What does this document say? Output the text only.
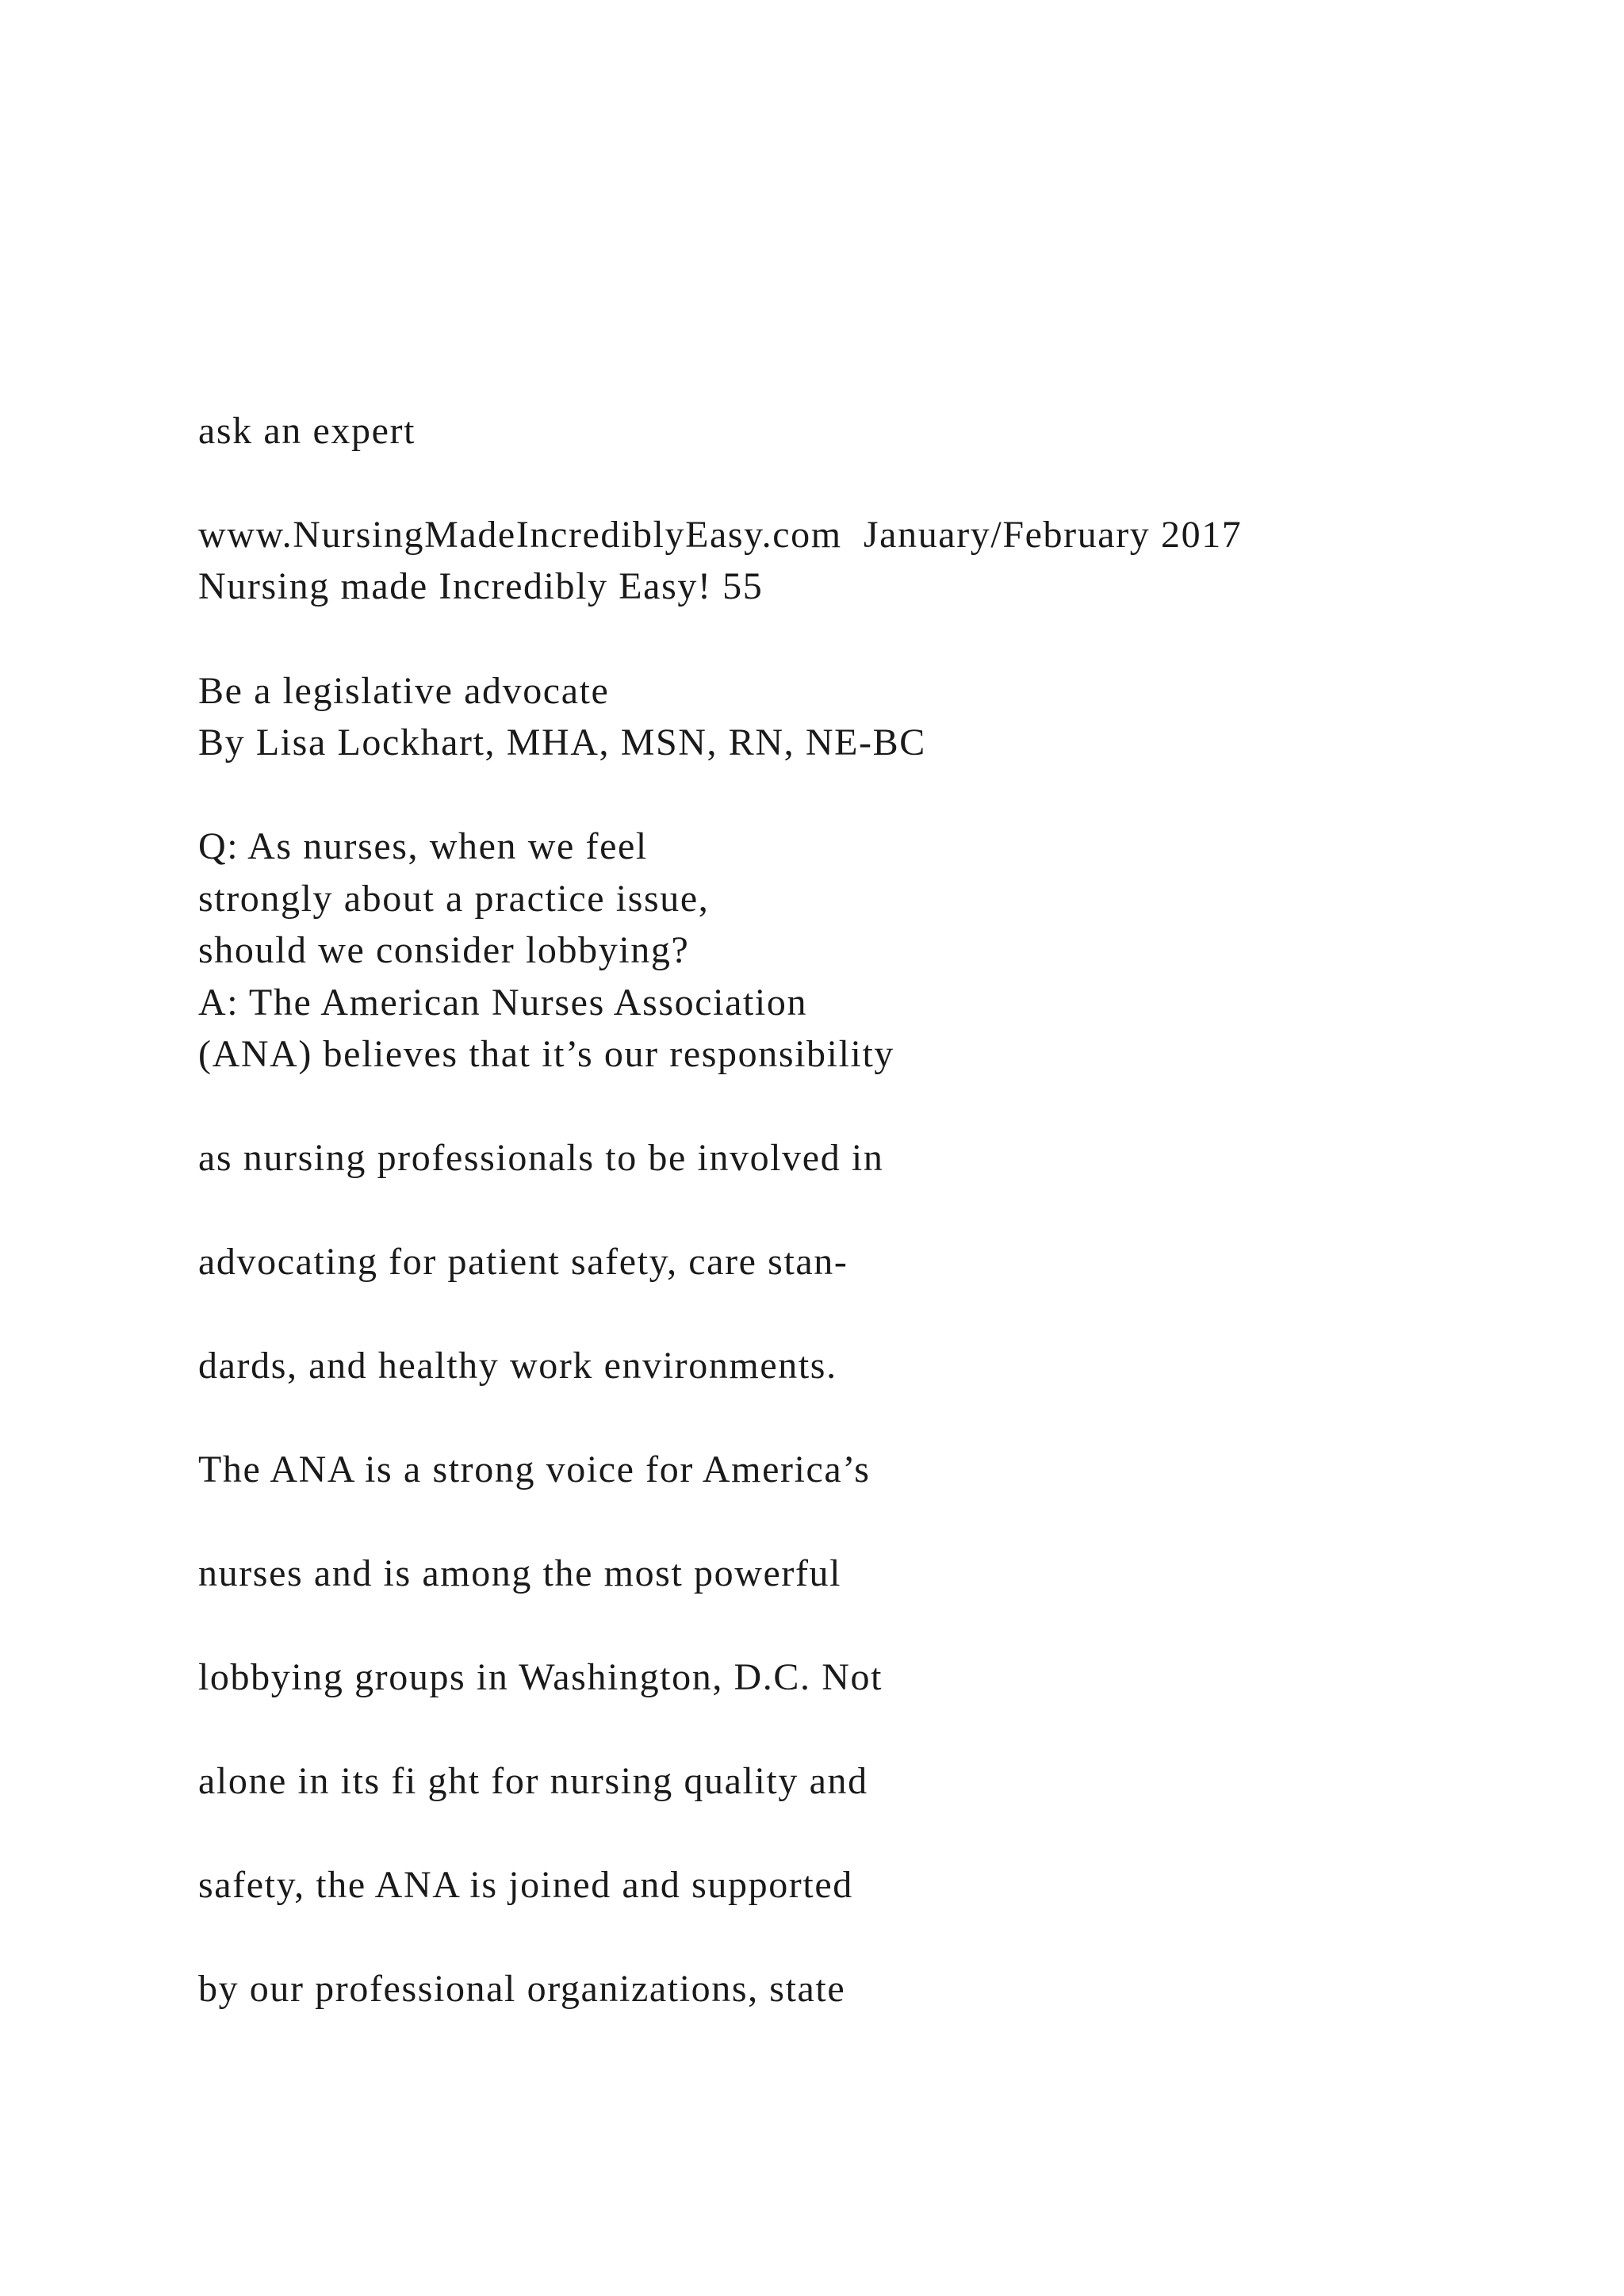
ask an expert
www.NursingMadeIncrediblyEasy.com  January/February 2017
Nursing made Incredibly Easy! 55
Be a legislative advocate
By Lisa Lockhart, MHA, MSN, RN, NE-BC
Q: As nurses, when we feel
strongly about a practice issue,
should we consider lobbying?
A: The American Nurses Association
(ANA) believes that it’s our responsibility
as nursing professionals to be involved in
advocating for patient safety, care stan-
dards, and healthy work environments.
The ANA is a strong voice for America’s
nurses and is among the most powerful
lobbying groups in Washington, D.C. Not
alone in its fi ght for nursing quality and
safety, the ANA is joined and supported
by our professional organizations, state
